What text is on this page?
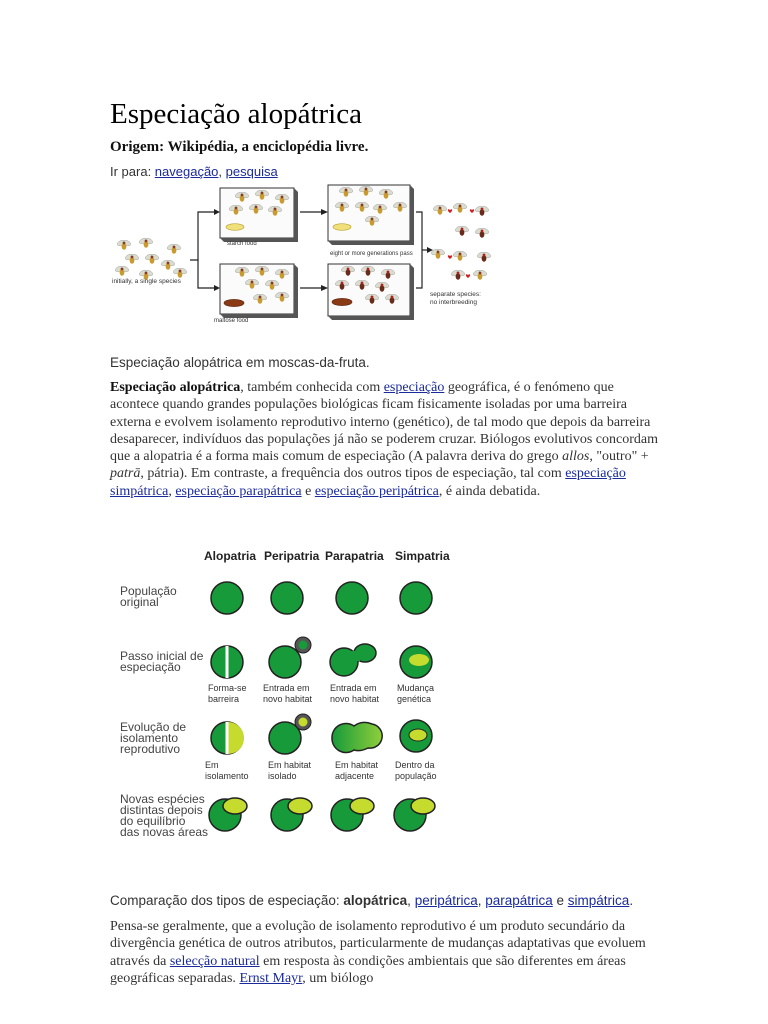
Especiação alopátrica

Origem: Wikipédia, a enciclopédia livre.

Ir para: navegação, pesquisa
initially, a single species
starch food
maltose food
eight or more generations pass
separate species:
no interbreeding

Especiação alopátrica em moscas-da-fruta.

Especiação alopátrica, também conhecida com especiação geográfica, é o fenómeno que acontece quando grandes populações biológicas ficam fisicamente isoladas por uma barreira externa e evolvem isolamento reprodutivo interno (genético), de tal modo que depois da barreira desaparecer, indivíduos das populações já não se poderem cruzar. Biólogos evolutivos concordam que a alopatria é a forma mais comum de especiação (A palavra deriva do grego allos, "outro" + patrā, pátria). Em contraste, a frequência dos outros tipos de especiação, tal com especiação simpátrica, especiação parapátrica e especiação peripátrica, é ainda debatida.

Alopatria Peripatria Parapatria Simpatria
População
original
Passo inicial de
especiação
Evolução de
isolamento
reprodutivo
Novas espécies
distintas depois
do equilíbrio
das novas áreas
Forma-se
barreira
Entrada em
novo habitat
Entrada em
novo habitat
Mudança
genética
Em
isolamento
Em habitat
isolado
Em habitat
adjacente
Dentro da
população

Comparação dos tipos de especiação: alopátrica, peripátrica, parapátrica e simpátrica.

Pensa-se geralmente, que a evolução de isolamento reprodutivo é um produto secundário da divergência genética de outros atributos, particularmente de mudanças adaptativas que evoluem através da selecção natural em resposta às condições ambientais que são diferentes em áreas geográficas separadas. Ernst Mayr, um biólogo
